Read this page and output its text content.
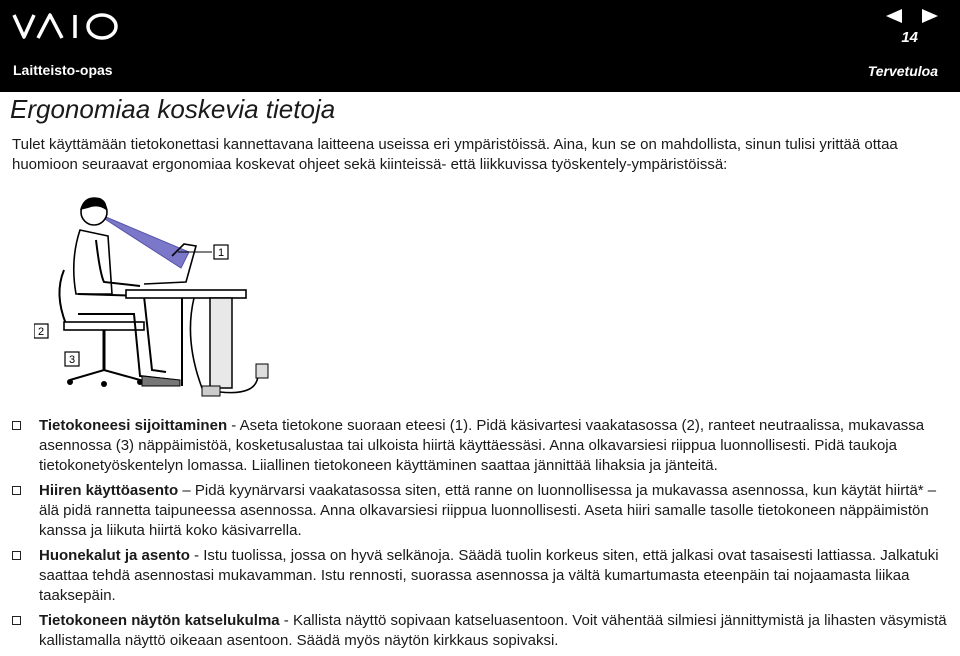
14
Laitteisto-opas	Tervetuloa
Ergonomiaa koskevia tietoja

Tulet käyttämään tietokonettasi kannettavana laitteena useissa eri ympäristöissä. Aina, kun se on mahdollista, sinun tulisi yrittää ottaa huomioon seuraavat ergonomiaa koskevat ohjeet sekä kiinteissä- että liikkuvissa työskentely-ympäristöissä:

1
2
3
Tietokoneesi sijoittaminen - Aseta tietokone suoraan eteesi (1). Pidä käsivartesi vaakatasossa (2), ranteet neutraalissa, mukavassa asennossa (3) näppäimistöä, kosketusalustaa tai ulkoista hiirtä käyttäessäsi. Anna olkavarsiesi riippua luonnollisesti. Pidä taukoja tietokonetyöskentelyn lomassa. Liiallinen tietokoneen käyttäminen saattaa jännittää lihaksia ja jänteitä.
Hiiren käyttöasento – Pidä kyynärvarsi vaakatasossa siten, että ranne on luonnollisessa ja mukavassa asennossa, kun käytät hiirtä* – älä pidä rannetta taipuneessa asennossa. Anna olkavarsiesi riippua luonnollisesti. Aseta hiiri samalle tasolle tietokoneen näppäimistön kanssa ja liikuta hiirtä koko käsivarrella.
Huonekalut ja asento - Istu tuolissa, jossa on hyvä selkänoja. Säädä tuolin korkeus siten, että jalkasi ovat tasaisesti lattiassa. Jalkatuki saattaa tehdä asennostasi mukavamman. Istu rennosti, suorassa asennossa ja vältä kumartumasta eteenpäin tai nojaamasta liikaa taaksepäin.
Tietokoneen näytön katselukulma - Kallista näyttö sopivaan katseluasentoon. Voit vähentää silmiesi jännittymistä ja lihasten väsymistä kallistamalla näyttö oikeaan asentoon. Säädä myös näytön kirkkaus sopivaksi.
